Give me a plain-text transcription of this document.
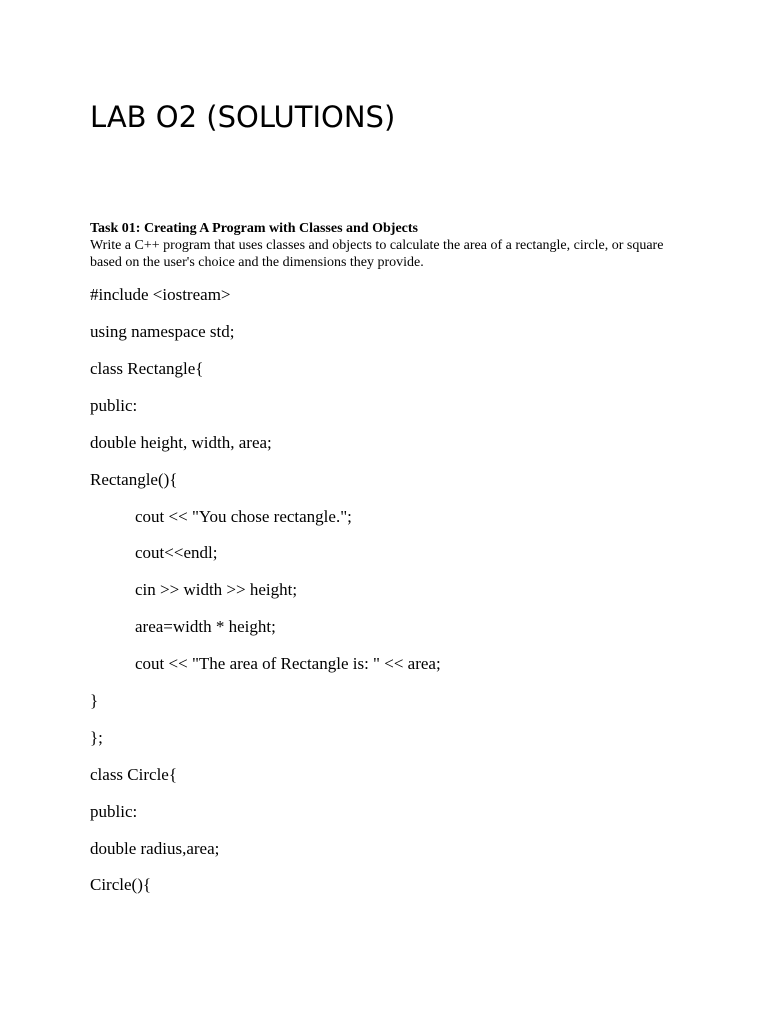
LAB O2 (SOLUTIONS)
Task 01: Creating A Program with Classes and Objects
Write a C++ program that uses classes and objects to calculate the area of a rectangle, circle, or square
based on the user's choice and the dimensions they provide.
#include <iostream>
using namespace std;
class Rectangle{
public:
double height, width, area;
Rectangle(){
cout << "You chose rectangle.";
cout<<endl;
cin >> width >> height;
area=width * height;
cout << "The area of Rectangle is: " << area;
}
};
class Circle{
public:
double radius,area;
Circle(){
